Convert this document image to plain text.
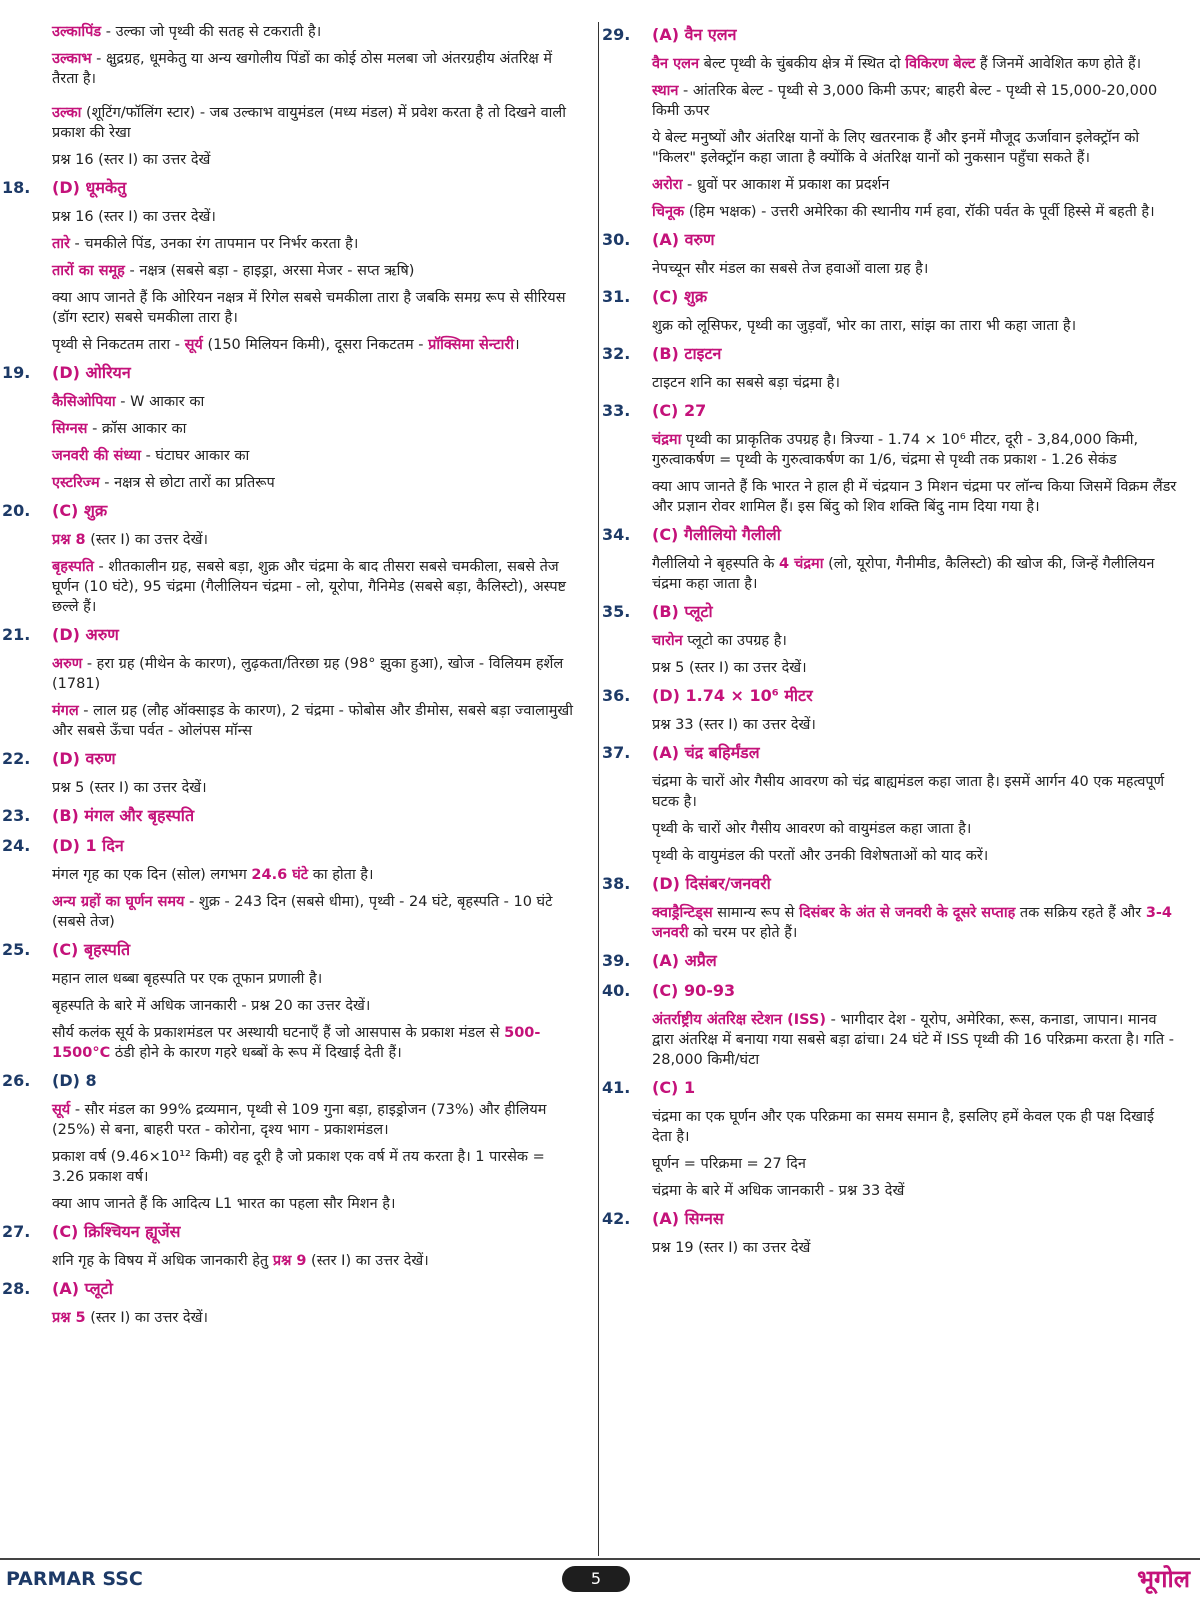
उल्कापिंड - उल्का जो पृथ्वी की सतह से टकराती है।

उल्काभ - क्षुद्रग्रह, धूमकेतु या अन्य खगोलीय पिंडों का कोई ठोस मलबा जो अंतरग्रहीय अंतरिक्ष में तैरता है।

उल्का (शूटिंग/फॉलिंग स्टार) - जब उल्काभ वायुमंडल (मध्य मंडल) में प्रवेश करता है तो दिखने वाली प्रकाश की रेखा

प्रश्न 16 (स्तर I) का उत्तर देखें

18.	(D) धूमकेतु

प्रश्न 16 (स्तर I) का उत्तर देखें।

तारे - चमकीले पिंड, उनका रंग तापमान पर निर्भर करता है।

तारों का समूह - नक्षत्र (सबसे बड़ा - हाइड्रा, अरसा मेजर - सप्त ऋषि)

क्या आप जानते हैं कि ओरियन नक्षत्र में रिगेल सबसे चमकीला तारा है जबकि समग्र रूप से सीरियस (डॉग स्टार) सबसे चमकीला तारा है।

पृथ्वी से निकटतम तारा - सूर्य (150 मिलियन किमी), दूसरा निकटतम - प्रॉक्सिमा सेन्टारी।

19.	(D) ओरियन

कैसिओपिया - W आकार का

सिग्नस - क्रॉस आकार का

जनवरी की संध्या - घंटाघर आकार का

एस्टरिज्म - नक्षत्र से छोटा तारों का प्रतिरूप

20.	(C) शुक्र

प्रश्न 8 (स्तर I) का उत्तर देखें।

बृहस्पति - शीतकालीन ग्रह, सबसे बड़ा, शुक्र और चंद्रमा के बाद तीसरा सबसे चमकीला, सबसे तेज घूर्णन (10 घंटे), 95 चंद्रमा (गैलीलियन चंद्रमा - लो, यूरोपा, गैनिमेड (सबसे बड़ा, कैलिस्टो), अस्पष्ट छल्ले हैं।

21.	(D) अरुण

अरुण - हरा ग्रह (मीथेन के कारण), लुढ़कता/तिरछा ग्रह (98° झुका हुआ), खोज - विलियम हर्शेल (1781)

मंगल - लाल ग्रह (लौह ऑक्साइड के कारण), 2 चंद्रमा - फोबोस और डीमोस, सबसे बड़ा ज्वालामुखी और सबसे ऊँचा पर्वत - ओलंपस मॉन्स

22.	(D) वरुण

प्रश्न 5 (स्तर I) का उत्तर देखें।

23.	(B) मंगल और बृहस्पति
24.	(D) 1 दिन

मंगल गृह का एक दिन (सोल) लगभग 24.6 घंटे का होता है।

अन्य ग्रहों का घूर्णन समय - शुक्र - 243 दिन (सबसे धीमा), पृथ्वी - 24 घंटे, बृहस्पति - 10 घंटे (सबसे तेज)

25.	(C) बृहस्पति

महान लाल धब्बा बृहस्पति पर एक तूफान प्रणाली है।

बृहस्पति के बारे में अधिक जानकारी - प्रश्न 20 का उत्तर देखें।

सौर्य कलंक सूर्य के प्रकाशमंडल पर अस्थायी घटनाएँ हैं जो आसपास के प्रकाश मंडल से 500-1500°C ठंडी होने के कारण गहरे धब्बों के रूप में दिखाई देती हैं।

26.	(D) 8

सूर्य - सौर मंडल का 99% द्रव्यमान, पृथ्वी से 109 गुना बड़ा, हाइड्रोजन (73%) और हीलियम (25%) से बना, बाहरी परत - कोरोना, दृश्य भाग - प्रकाशमंडल।

प्रकाश वर्ष (9.46×10¹² किमी) वह दूरी है जो प्रकाश एक वर्ष में तय करता है। 1 पारसेक = 3.26 प्रकाश वर्ष।

क्या आप जानते हैं कि आदित्य L1 भारत का पहला सौर मिशन है।

27.	(C) क्रिश्चियन ह्यूजेंस

शनि गृह के विषय में अधिक जानकारी हेतु प्रश्न 9 (स्तर I) का उत्तर देखें।

28.	(A) प्लूटो

प्रश्न 5 (स्तर I) का उत्तर देखें।

29.	(A) वैन एलन

वैन एलन बेल्ट पृथ्वी के चुंबकीय क्षेत्र में स्थित दो विकिरण बेल्ट हैं जिनमें आवेशित कण होते हैं।

स्थान - आंतरिक बेल्ट - पृथ्वी से 3,000 किमी ऊपर; बाहरी बेल्ट - पृथ्वी से 15,000-20,000 किमी ऊपर

ये बेल्ट मनुष्यों और अंतरिक्ष यानों के लिए खतरनाक हैं और इनमें मौजूद ऊर्जावान इलेक्ट्रॉन को "किलर" इलेक्ट्रॉन कहा जाता है क्योंकि वे अंतरिक्ष यानों को नुकसान पहुँचा सकते हैं।

अरोरा - ध्रुवों पर आकाश में प्रकाश का प्रदर्शन

चिनूक (हिम भक्षक) - उत्तरी अमेरिका की स्थानीय गर्म हवा, रॉकी पर्वत के पूर्वी हिस्से में बहती है।

30.	(A) वरुण

नेपच्यून सौर मंडल का सबसे तेज हवाओं वाला ग्रह है।

31.	(C) शुक्र

शुक्र को लूसिफर, पृथ्वी का जुड़वाँ, भोर का तारा, सांझ का तारा भी कहा जाता है।

32.	(B) टाइटन

टाइटन शनि का सबसे बड़ा चंद्रमा है।

33.	(C) 27

चंद्रमा पृथ्वी का प्राकृतिक उपग्रह है। त्रिज्या - 1.74 × 10⁶ मीटर, दूरी - 3,84,000 किमी, गुरुत्वाकर्षण = पृथ्वी के गुरुत्वाकर्षण का 1/6, चंद्रमा से पृथ्वी तक प्रकाश - 1.26 सेकंड

क्या आप जानते हैं कि भारत ने हाल ही में चंद्रयान 3 मिशन चंद्रमा पर लॉन्च किया जिसमें विक्रम लैंडर और प्रज्ञान रोवर शामिल हैं। इस बिंदु को शिव शक्ति बिंदु नाम दिया गया है।

34.	(C) गैलीलियो गैलीली

गैलीलियो ने बृहस्पति के 4 चंद्रमा (लो, यूरोपा, गैनीमीड, कैलिस्टो) की खोज की, जिन्हें गैलीलियन चंद्रमा कहा जाता है।

35.	(B) प्लूटो

चारोन प्लूटो का उपग्रह है।

प्रश्न 5 (स्तर I) का उत्तर देखें।

36.	(D) 1.74 × 10⁶ मीटर

प्रश्न 33 (स्तर I) का उत्तर देखें।

37.	(A) चंद्र बहिर्मंडल

चंद्रमा के चारों ओर गैसीय आवरण को चंद्र बाह्यमंडल कहा जाता है। इसमें आर्गन 40 एक महत्वपूर्ण घटक है।

पृथ्वी के चारों ओर गैसीय आवरण को वायुमंडल कहा जाता है।

पृथ्वी के वायुमंडल की परतों और उनकी विशेषताओं को याद करें।

38.	(D) दिसंबर/जनवरी

क्वाड्रैन्टिड्स सामान्य रूप से दिसंबर के अंत से जनवरी के दूसरे सप्ताह तक सक्रिय रहते हैं और 3-4 जनवरी को चरम पर होते हैं।

39.	(A) अप्रैल
40.	(C) 90-93

अंतर्राष्ट्रीय अंतरिक्ष स्टेशन (ISS) - भागीदार देश - यूरोप, अमेरिका, रूस, कनाडा, जापान। मानव द्वारा अंतरिक्ष में बनाया गया सबसे बड़ा ढांचा। 24 घंटे में ISS पृथ्वी की 16 परिक्रमा करता है। गति - 28,000 किमी/घंटा

41.	(C) 1

चंद्रमा का एक घूर्णन और एक परिक्रमा का समय समान है, इसलिए हमें केवल एक ही पक्ष दिखाई देता है।

घूर्णन = परिक्रमा = 27 दिन

चंद्रमा के बारे में अधिक जानकारी - प्रश्न 33 देखें

42.	(A) सिग्नस

प्रश्न 19 (स्तर I) का उत्तर देखें

PARMAR SSC	5	भूगोल
